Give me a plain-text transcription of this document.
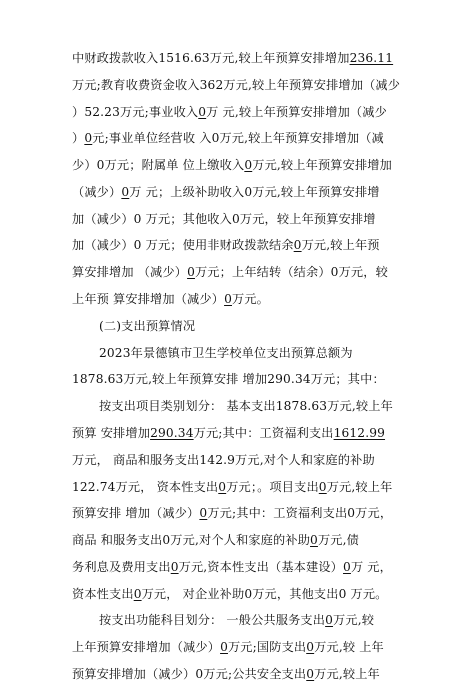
中财政拨款收入1516.63万元,较上年预算安排增加236.11
万元;教育收费资金收入362万元,较上年预算安排增加（减少
）52.23万元;事业收入0万 元,较上年预算安排增加（减少
）0元;事业单位经营收 入0万元,较上年预算安排增加（减
少）0万元；附属单 位上缴收入0万元,较上年预算安排增加
（减少）0万 元；上级补助收入0万元,较上年预算安排增
加（减少）0 万元；其他收入0万元，较上年预算安排增
加（减少）0 万元；使用非财政拨款结余0万元,较上年预
算安排增加 （减少）0万元；上年结转（结余）0万元，较
上年预 算安排增加（减少）0万元。
(二)支出预算情况
2023年景德镇市卫生学校单位支出预算总额为
1878.63万元,较上年预算安排 增加290.34万元；其中：
按支出项目类别划分： 基本支出1878.63万元,较上年
预算 安排增加290.34万元;其中：工资福利支出1612.99
万元， 商品和服务支出142.9万元,对个人和家庭的补助
122.74万元， 资本性支出0万元；。项目支出0万元,较上年
预算安排 增加（减少）0万元;其中：工资福利支出0万元，
商品 和服务支出0万元,对个人和家庭的补助0万元,债
务利息及费用支出0万元,资本性支出（基本建设）0万 元，
资本性支出0万元， 对企业补助0万元，其他支出0 万元。
按支出功能科目划分： 一般公共服务支出0万元,较
上年预算安排增加（减少）0万元;国防支出0万元,较 上年
预算安排增加（减少）0万元;公共安全支出0万元,较上年
